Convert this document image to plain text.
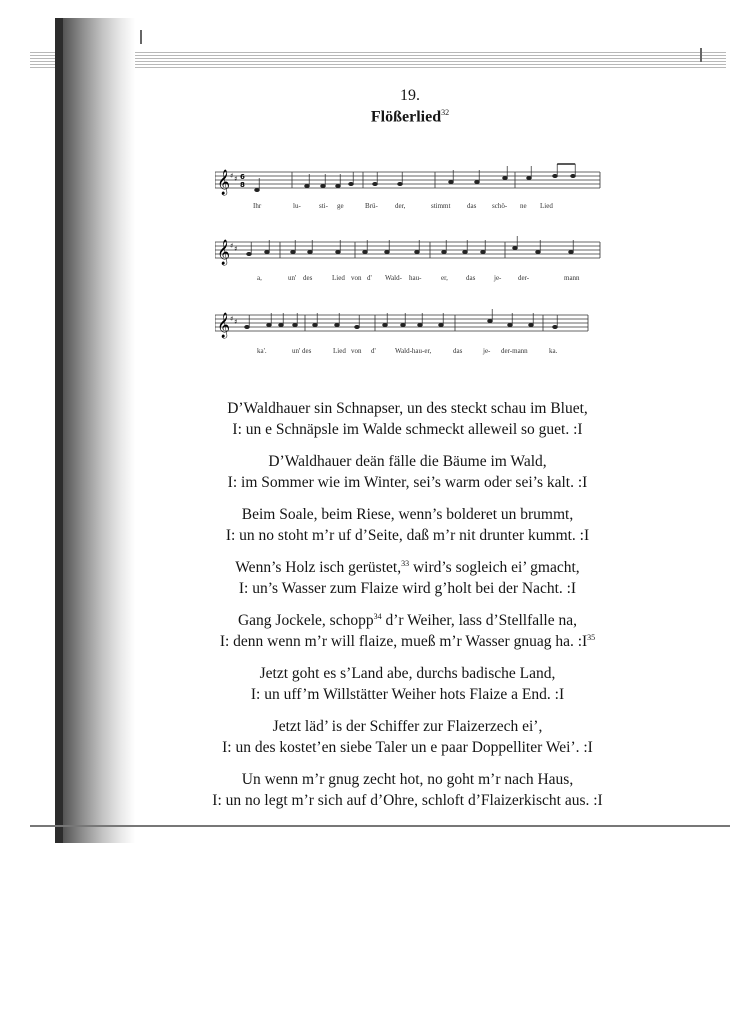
19.
Flößerlied$^{32}$
𝄞 ♯ ♯ 6
8
Ihr	lu-	sti- ge	Brü- der,	stimmt das schö- ne Lied
𝄞 ♯ ♯
a,	un' des	Lied von d' Wald- hau-	er,	das	je- der-	mann
𝄞 ♯ ♯
ka'.	un' des	Lied von d'	Wald-hau-er,	das	je- der-mann	ka.
D’Waldhauer sin Schnapser, un des steckt schau im Bluet,
I: un e Schnäpsle im Walde schmeckt alleweil so guet. :I
D’Waldhauer deän fälle die Bäume im Wald,
I: im Sommer wie im Winter, sei’s warm oder sei’s kalt. :I
Beim Soale, beim Riese, wenn’s bolderet un brummt,
I: un no stoht m’r uf d’Seite, daß m’r nit drunter kummt. :I
Wenn’s Holz isch gerüstet,$^{33}$ wird’s sogleich ei’ gmacht,
I: un’s Wasser zum Flaize wird g’holt bei der Nacht. :I
Gang Jockele, schopp$^{34}$ d’r Weiher, lass d’Stellfalle na,
I: denn wenn m’r will flaize, mueß m’r Wasser gnuag ha. $:I^{35}$
Jetzt goht es s’Land abe, durchs badische Land,
I: un uff’m Willstätter Weiher hots Flaize a End. :I
Jetzt läd’ is der Schiffer zur Flaizerzech ei’,
I: un des kostet’en siebe Taler un e paar Doppelliter Wei’. :I
Un wenn m’r gnug zecht hot, no goht m’r nach Haus,
I: un no legt m’r sich auf d’Ohre, schloft d’Flaizerkischt aus. :I
